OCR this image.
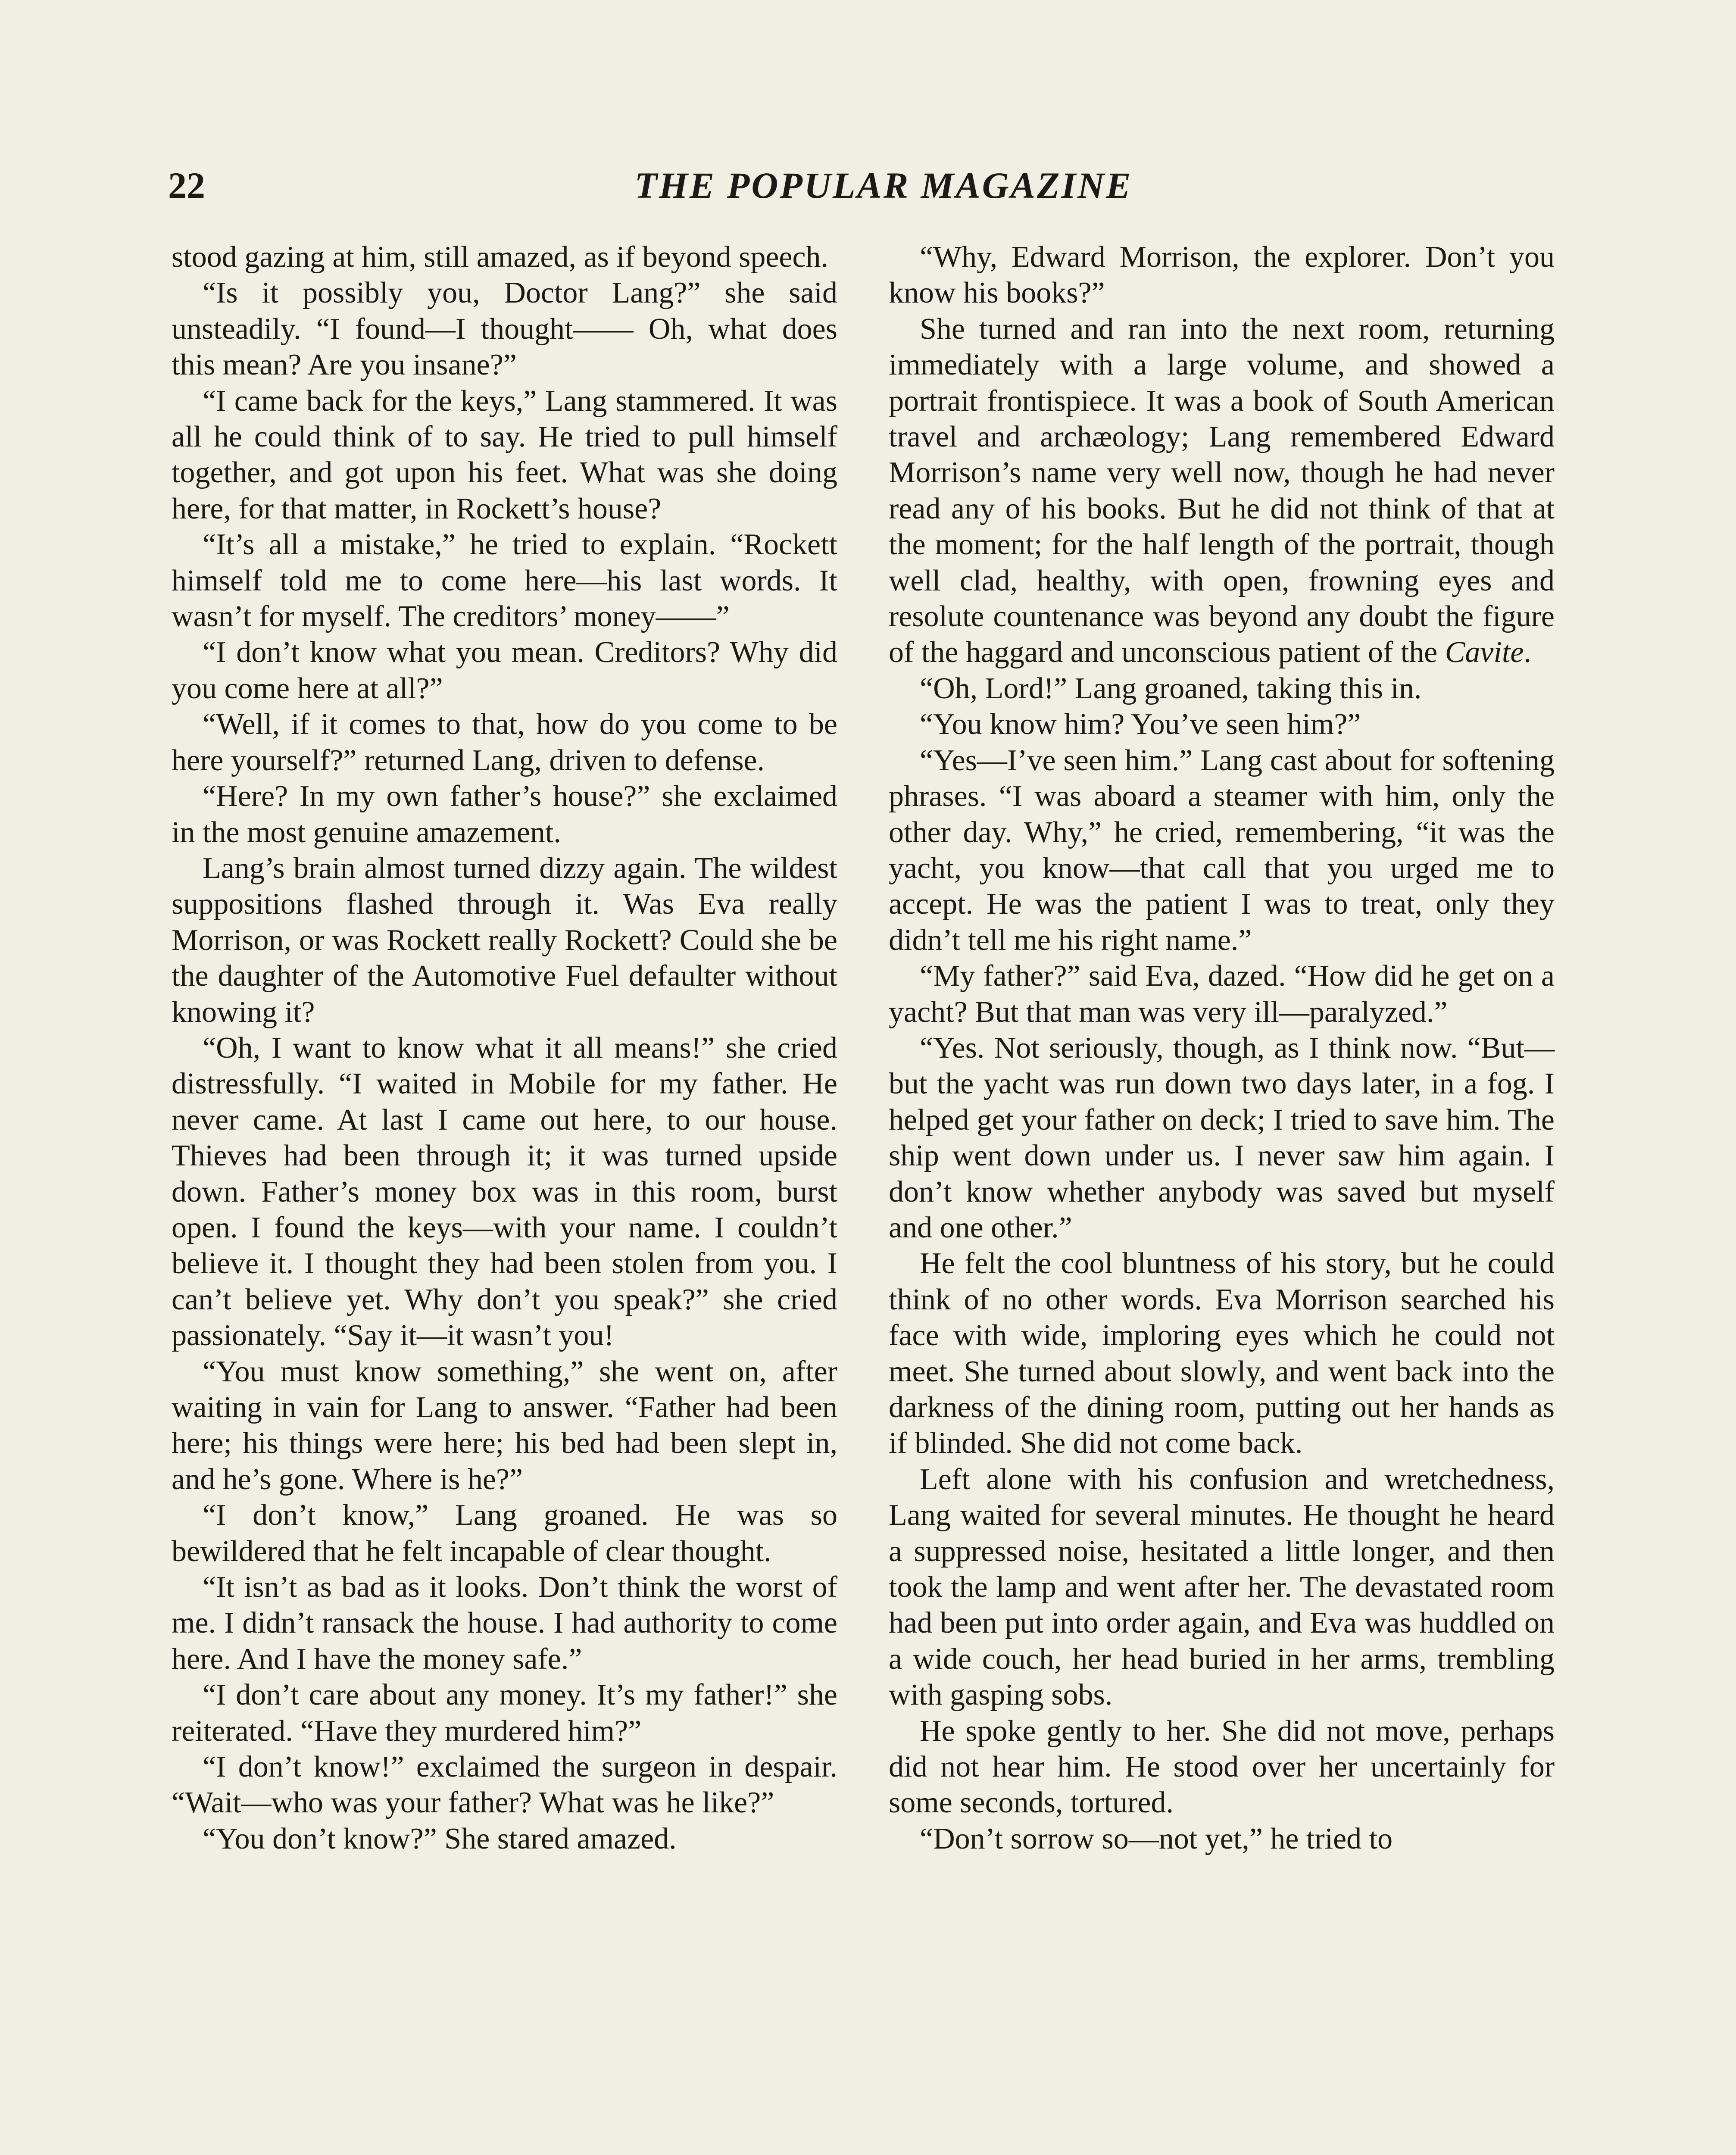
22	THE POPULAR MAGAZINE

stood gazing at him, still amazed, as if beyond speech.

“Is it possibly you, Doctor Lang?” she said unsteadily. “I found—I thought—— Oh, what does this mean? Are you insane?”

“I came back for the keys,” Lang stammered. It was all he could think of to say. He tried to pull himself together, and got upon his feet. What was she doing here, for that matter, in Rockett’s house?

“It’s all a mistake,” he tried to explain. “Rockett himself told me to come here—his last words. It wasn’t for myself. The creditors’ money——”

“I don’t know what you mean. Creditors? Why did you come here at all?”

“Well, if it comes to that, how do you come to be here yourself?” returned Lang, driven to defense.

“Here? In my own father’s house?” she exclaimed in the most genuine amazement.

Lang’s brain almost turned dizzy again. The wildest suppositions flashed through it. Was Eva really Morrison, or was Rockett really Rockett? Could she be the daughter of the Automotive Fuel defaulter without knowing it?

“Oh, I want to know what it all means!” she cried distressfully. “I waited in Mobile for my father. He never came. At last I came out here, to our house. Thieves had been through it; it was turned upside down. Father’s money box was in this room, burst open. I found the keys—with your name. I couldn’t believe it. I thought they had been stolen from you. I can’t believe yet. Why don’t you speak?” she cried passionately. “Say it—it wasn’t you!

“You must know something,” she went on, after waiting in vain for Lang to answer. “Father had been here; his things were here; his bed had been slept in, and he’s gone. Where is he?”

“I don’t know,” Lang groaned. He was so bewildered that he felt incapable of clear thought.

“It isn’t as bad as it looks. Don’t think the worst of me. I didn’t ransack the house. I had authority to come here. And I have the money safe.”

“I don’t care about any money. It’s my father!” she reiterated. “Have they murdered him?”

“I don’t know!” exclaimed the surgeon in despair. “Wait—who was your father? What was he like?”

“You don’t know?” She stared amazed.

“Why, Edward Morrison, the explorer. Don’t you know his books?”

She turned and ran into the next room, returning immediately with a large volume, and showed a portrait frontispiece. It was a book of South American travel and archæology; Lang remembered Edward Morrison’s name very well now, though he had never read any of his books. But he did not think of that at the moment; for the half length of the portrait, though well clad, healthy, with open, frowning eyes and resolute countenance was beyond any doubt the figure of the haggard and unconscious patient of the Cavite.

“Oh, Lord!” Lang groaned, taking this in.

“You know him? You’ve seen him?”

“Yes—I’ve seen him.” Lang cast about for softening phrases. “I was aboard a steamer with him, only the other day. Why,” he cried, remembering, “it was the yacht, you know—that call that you urged me to accept. He was the patient I was to treat, only they didn’t tell me his right name.”

“My father?” said Eva, dazed. “How did he get on a yacht? But that man was very ill—paralyzed.”

“Yes. Not seriously, though, as I think now. “But—but the yacht was run down two days later, in a fog. I helped get your father on deck; I tried to save him. The ship went down under us. I never saw him again. I don’t know whether anybody was saved but myself and one other.”

He felt the cool bluntness of his story, but he could think of no other words. Eva Morrison searched his face with wide, imploring eyes which he could not meet. She turned about slowly, and went back into the darkness of the dining room, putting out her hands as if blinded. She did not come back.

Left alone with his confusion and wretchedness, Lang waited for several minutes. He thought he heard a suppressed noise, hesitated a little longer, and then took the lamp and went after her. The devastated room had been put into order again, and Eva was huddled on a wide couch, her head buried in her arms, trembling with gasping sobs.

He spoke gently to her. She did not move, perhaps did not hear him. He stood over her uncertainly for some seconds, tortured.

“Don’t sorrow so—not yet,” he tried to
